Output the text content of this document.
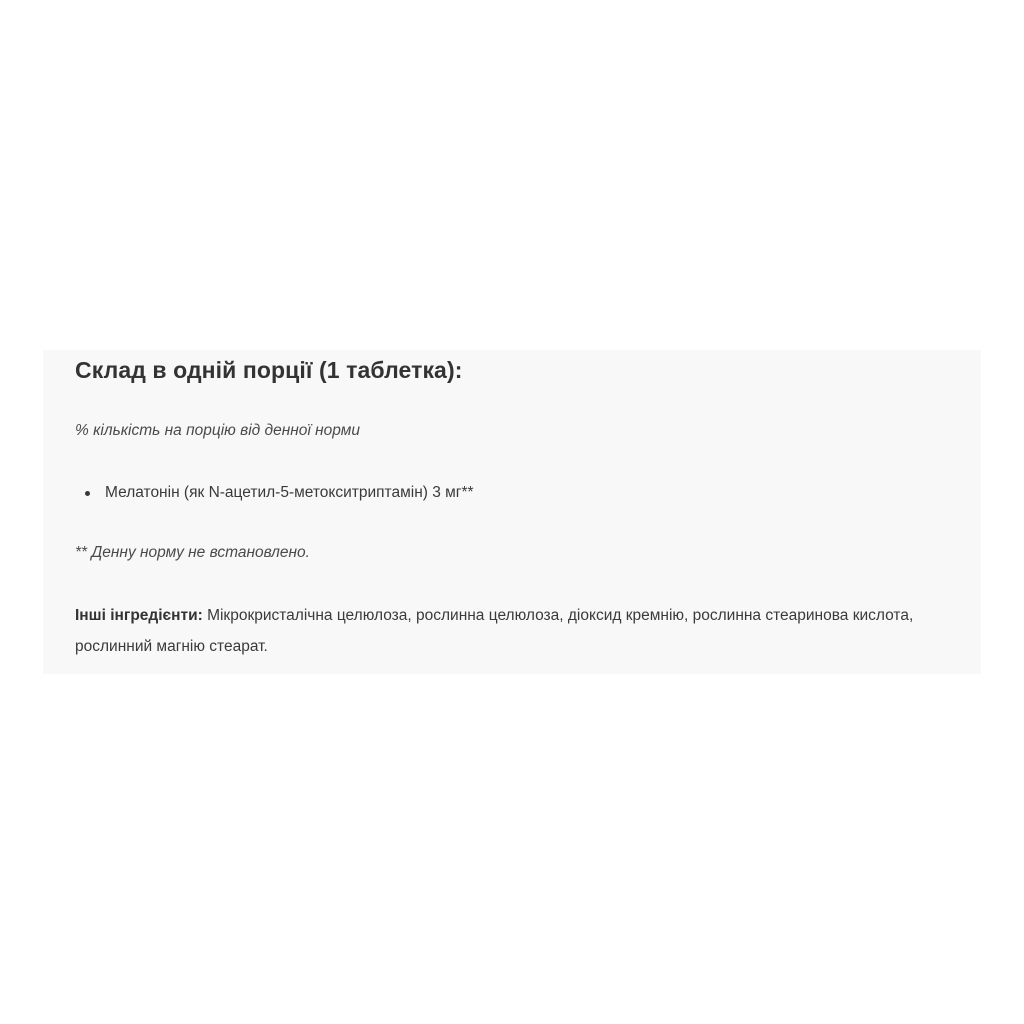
Склад в одній порції (1 таблетка):

% кількість на порцію від денної норми

Мелатонін (як N-ацетил-5-метокситриптамін) 3 мг**

** Денну норму не встановлено.

Інші інгредієнти: Мікрокристалічна целюлоза, рослинна целюлоза, діоксид кремнію, рослинна стеаринова кислота, рослинний магнію стеарат.
